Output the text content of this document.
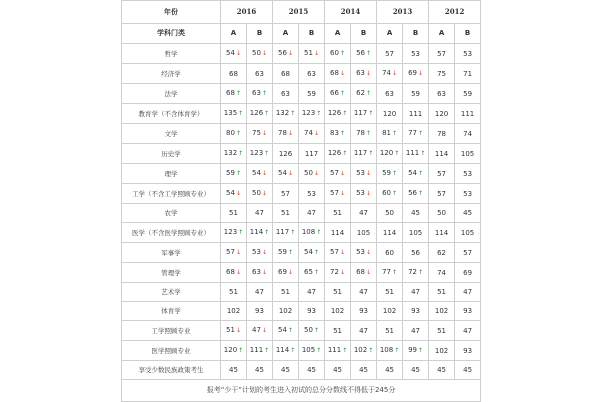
年份	2016		2015		2014		2013		2012	
学科门类	A	B	A	B	A	B	A	B	A	B
哲学	54↓	50↓	56↓	51↓	60↑	56↑	57	53	57	53
经济学	68	63	68	63	68↓	63↓	74↓	69↓	75	71
法学	68↑	63↑	63	59	66↑	62↑	63	59	63	59
教育学（不含体育学）	135↑	126↑	132↑	123↑	126↑	117↑	120	111	120	111
文学	80↑	75↓	78↓	74↓	83↑	78↑	81↑	77↑	78	74
历史学	132↑	123↑	126	117	126↑	117↑	120↑	111↑	114	105
理学	59↑	54↓	54↓	50↓	57↓	53↓	59↑	54↑	57	53
工学（不含工学照顾专业）	54↓	50↓	57	53	57↓	53↓	60↑	56↑	57	53
农学	51	47	51	47	51	47	50	45	50	45
医学（不含医学照顾专业）	123↑	114↑	117↑	108↑	114	105	114	105	114	105
军事学	57↓	53↓	59↑	54↑	57↓	53↓	60	56	62	57
管理学	68↓	63↓	69↓	65↑	72↓	68↓	77↑	72↑	74	69
艺术学	51	47	51	47	51	47	51	47	51	47
体育学	102	93	102	93	102	93	102	93	102	93
工学照顾专业	51↓	47↓	54↑	50↑	51	47	51	47	51	47
医学照顾专业	120↑	111↑	114↑	105↑	111↑	102↑	108↑	99↑	102	93
享受少数民族政策考生	45	45	45	45	45	45	45	45	45	45
报考“少干”计划的考生进入初试的总分分数线不得低于245分										
